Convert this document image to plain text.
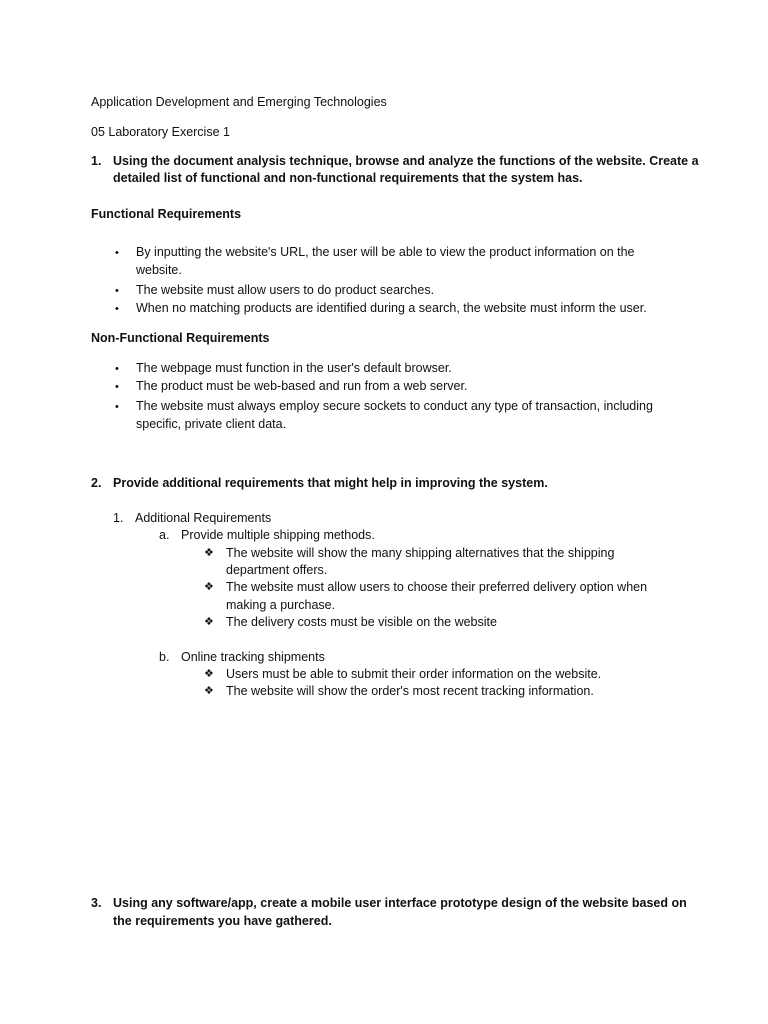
Application Development and Emerging Technologies
05 Laboratory Exercise 1
1. Using the document analysis technique, browse and analyze the functions of the website. Create a
detailed list of functional and non-functional requirements that the system has.
Functional Requirements
• By inputting the website's URL, the user will be able to view the product information on the
website.
• The website must allow users to do product searches.
• When no matching products are identified during a search, the website must inform the user.
Non-Functional Requirements
• The webpage must function in the user's default browser.
• The product must be web-based and run from a web server.
• The website must always employ secure sockets to conduct any type of transaction, including
specific, private client data.
2. Provide additional requirements that might help in improving the system.
1. Additional Requirements
a. Provide multiple shipping methods.
❖ The website will show the many shipping alternatives that the shipping
department offers.
❖ The website must allow users to choose their preferred delivery option when
making a purchase.
❖ The delivery costs must be visible on the website
b. Online tracking shipments
❖ Users must be able to submit their order information on the website.
❖ The website will show the order's most recent tracking information.
3. Using any software/app, create a mobile user interface prototype design of the website based on
the requirements you have gathered.
